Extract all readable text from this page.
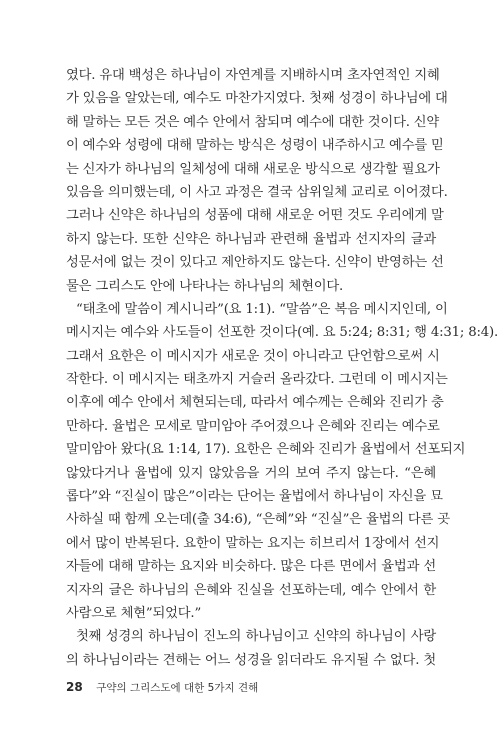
였다. 유대 백성은 하나님이 자연계를 지배하시며 초자연적인 지혜
가 있음을 알았는데, 예수도 마찬가지였다. 첫째 성경이 하나님에 대
해 말하는 모든 것은 예수 안에서 참되며 예수에 대한 것이다. 신약
이 예수와 성령에 대해 말하는 방식은 성령이 내주하시고 예수를 믿
는 신자가 하나님의 일체성에 대해 새로운 방식으로 생각할 필요가
있음을 의미했는데, 이 사고 과정은 결국 삼위일체 교리로 이어졌다.
그러나 신약은 하나님의 성품에 대해 새로운 어떤 것도 우리에게 말
하지 않는다. 또한 신약은 하나님과 관련해 율법과 선지자의 글과
성문서에 없는 것이 있다고 제안하지도 않는다. 신약이 반영하는 선
물은 그리스도 안에 나타나는 하나님의 체현이다.
“태초에 말씀이 계시니라”(요 1:1). “말씀”은 복음 메시지인데, 이
메시지는 예수와 사도들이 선포한 것이다(예. 요 5:24; 8:31; 행 4:31; 8:4).
그래서 요한은 이 메시지가 새로운 것이 아니라고 단언함으로써 시
작한다. 이 메시지는 태초까지 거슬러 올라갔다. 그런데 이 메시지는
이후에 예수 안에서 체현되는데, 따라서 예수께는 은혜와 진리가 충
만하다. 율법은 모세로 말미암아 주어졌으나 은혜와 진리는 예수로
말미암아 왔다(요 1:14, 17). 요한은 은혜와 진리가 율법에서 선포되지
않았다거나 율법에 있지 않았음을 거의 보여 주지 않는다. “은혜
롭다”와 “진실이 많은”이라는 단어는 율법에서 하나님이 자신을 묘
사하실 때 함께 오는데(출 34:6), “은혜”와 “진실”은 율법의 다른 곳
에서 많이 반복된다. 요한이 말하는 요지는 히브리서 1장에서 선지
자들에 대해 말하는 요지와 비슷하다. 많은 다른 면에서 율법과 선
지자의 글은 하나님의 은혜와 진실을 선포하는데, 예수 안에서 한
사람으로 체현”되었다.”
첫째 성경의 하나님이 진노의 하나님이고 신약의 하나님이 사랑
의 하나님이라는 견해는 어느 성경을 읽더라도 유지될 수 없다. 첫
28 구약의 그리스도에 대한 5가지 견해
